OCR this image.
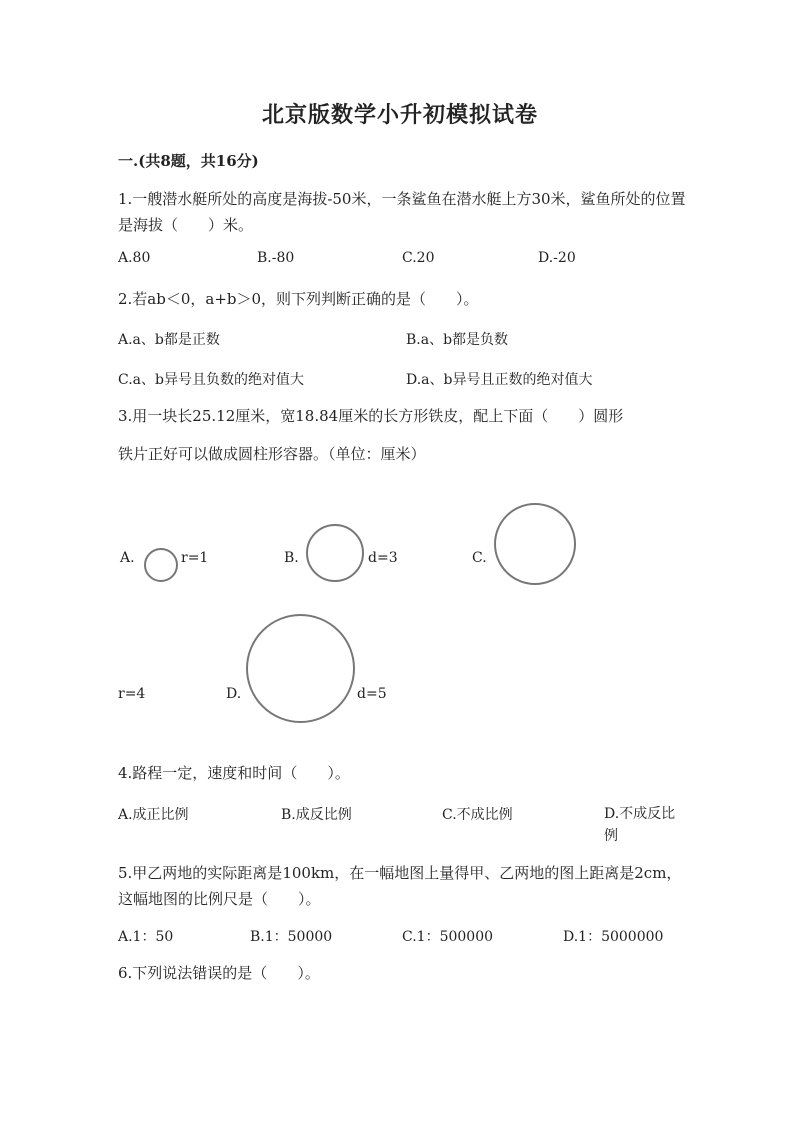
北京版数学小升初模拟试卷
一.(共8题，共16分)
1.一艘潜水艇所处的高度是海拔-50米，一条鲨鱼在潜水艇上方30米，鲨鱼所处的位置是海拔（　　）米。
A.80	B.-80	C.20	D.-20
2.若ab＜0，a+b＞0，则下列判断正确的是（　　）。
A.a、b都是正数	B.a、b都是负数
C.a、b异号且负数的绝对值大	D.a、b异号且正数的绝对值大
3.用一块长25.12厘米，宽18.84厘米的长方形铁皮，配上下面（　　）圆形
铁片正好可以做成圆柱形容器。（单位：厘米）
A.	r=1	B.	d=3	C.
r=4	D.	d=5
4.路程一定，速度和时间（　　）。
A.成正比例	B.成反比例	C.不成比例	D.不成反比例
5.甲乙两地的实际距离是100km，在一幅地图上量得甲、乙两地的图上距离是2cm，这幅地图的比例尺是（　　）。
A.1：50	B.1：50000	C.1：500000	D.1：5000000
6.下列说法错误的是（　　）。
